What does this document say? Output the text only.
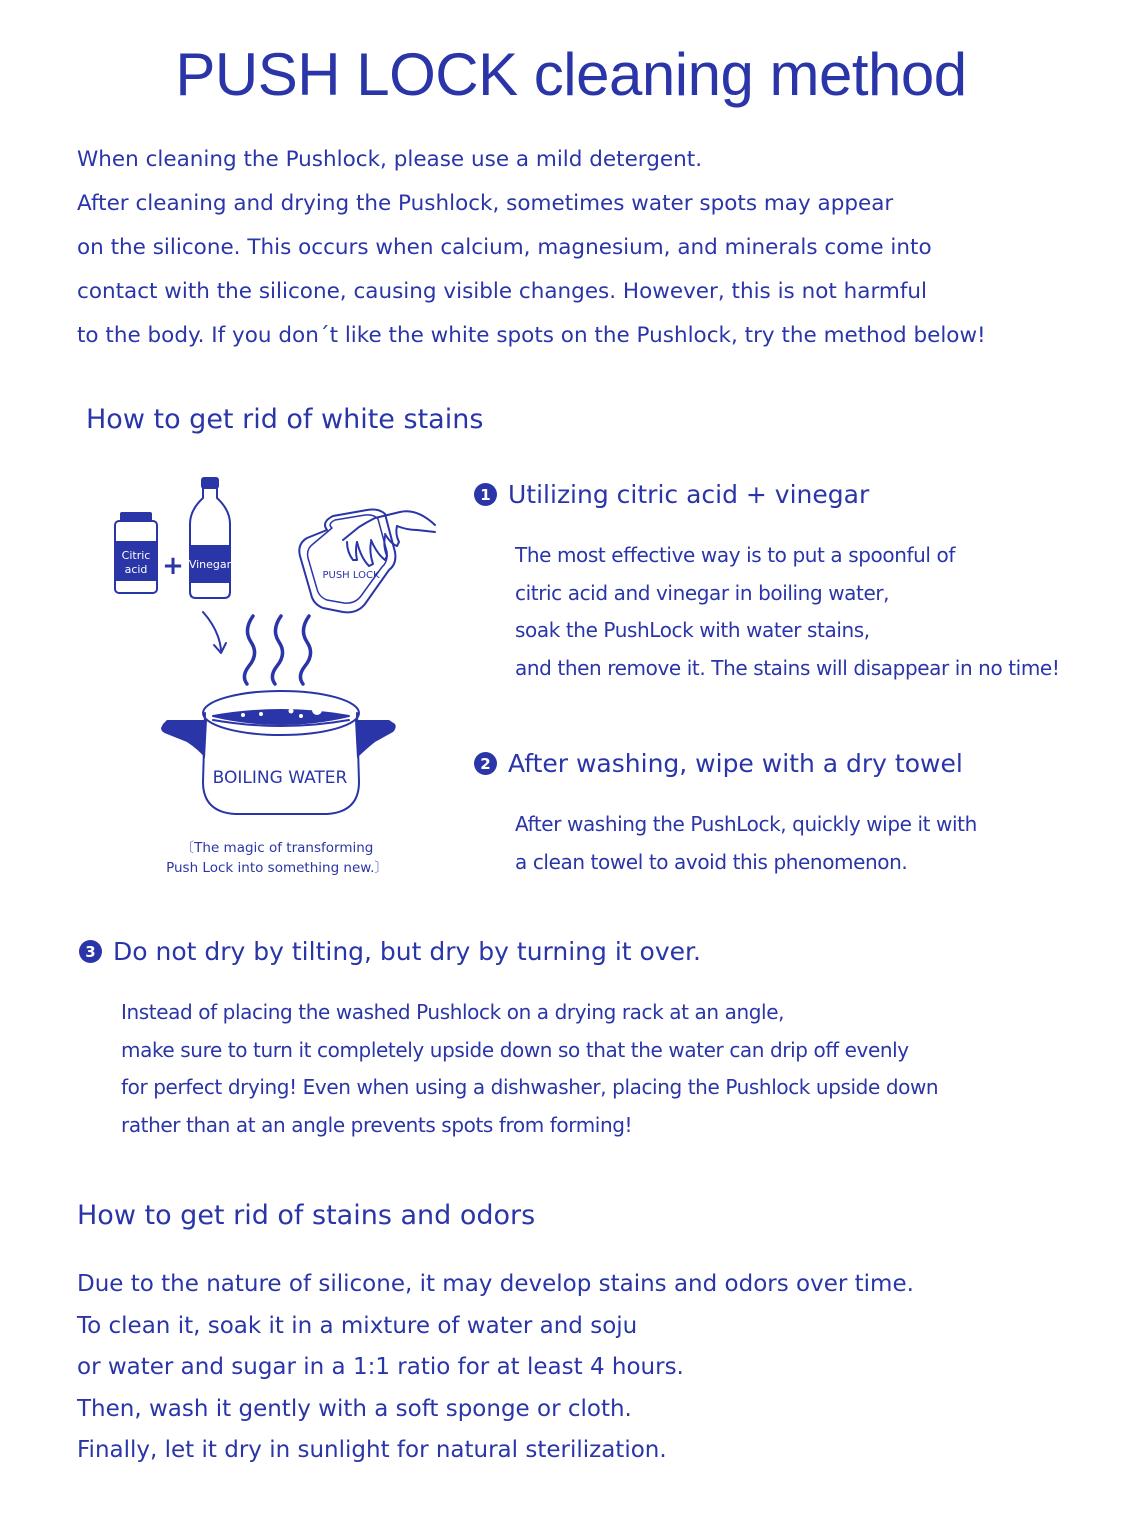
PUSH LOCK cleaning method
When cleaning the Pushlock, please use a mild detergent.
After cleaning and drying the Pushlock, sometimes water spots may appear
on the silicone. This occurs when calcium, magnesium, and minerals come into
contact with the silicone, causing visible changes. However, this is not harmful
to the body. If you don´t like the white spots on the Pushlock, try the method below!
How to get rid of white stains
Citric
acid	Vinegar
+	PUSH LOCK
BOILING WATER
〔The magic of transforming
Push Lock into something new.〕
1 Utilizing citric acid + vinegar
The most effective way is to put a spoonful of
citric acid and vinegar in boiling water,
soak the PushLock with water stains,
and then remove it. The stains will disappear in no time!
2 After washing, wipe with a dry towel
After washing the PushLock, quickly wipe it with
a clean towel to avoid this phenomenon.
3 Do not dry by tilting, but dry by turning it over.
Instead of placing the washed Pushlock on a drying rack at an angle,
make sure to turn it completely upside down so that the water can drip off evenly
for perfect drying! Even when using a dishwasher, placing the Pushlock upside down
rather than at an angle prevents spots from forming!
How to get rid of stains and odors
Due to the nature of silicone, it may develop stains and odors over time.
To clean it, soak it in a mixture of water and soju
or water and sugar in a 1:1 ratio for at least 4 hours.
Then, wash it gently with a soft sponge or cloth.
Finally, let it dry in sunlight for natural sterilization.
